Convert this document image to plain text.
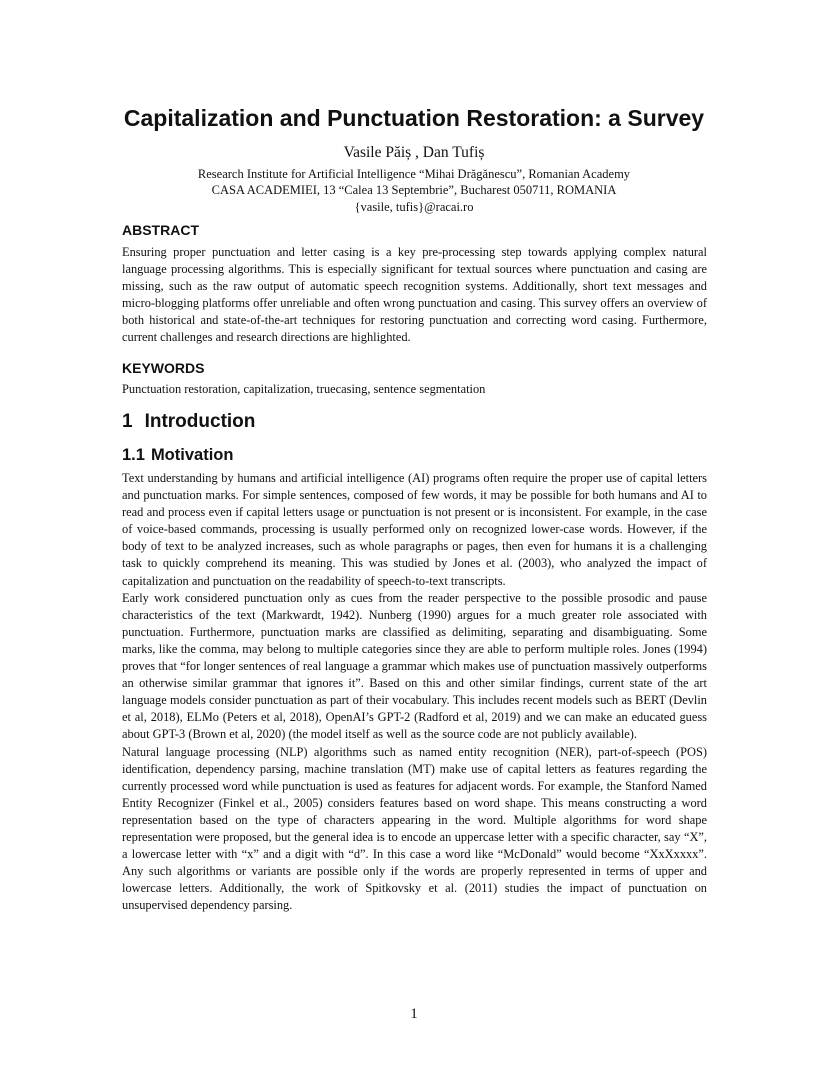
Capitalization and Punctuation Restoration: a Survey
Vasile Păiș , Dan Tufiș
Research Institute for Artificial Intelligence “Mihai Drăgănescu”, Romanian Academy
CASA ACADEMIEI, 13 “Calea 13 Septembrie”, Bucharest 050711, ROMANIA
{vasile, tufis}@racai.ro
ABSTRACT

Ensuring proper punctuation and letter casing is a key pre-processing step towards applying complex natural language processing algorithms. This is especially significant for textual sources where punctuation and casing are missing, such as the raw output of automatic speech recognition systems. Additionally, short text messages and micro-blogging platforms offer unreliable and often wrong punctuation and casing. This survey offers an overview of both historical and state-of-the-art techniques for restoring punctuation and correcting word casing. Furthermore, current challenges and research directions are highlighted.

KEYWORDS

Punctuation restoration, capitalization, truecasing, sentence segmentation

1 Introduction
1.1 Motivation

Text understanding by humans and artificial intelligence (AI) programs often require the proper use of capital letters and punctuation marks. For simple sentences, composed of few words, it may be possible for both humans and AI to read and process even if capital letters usage or punctuation is not present or is inconsistent. For example, in the case of voice-based commands, processing is usually performed only on recognized lower-case words. However, if the body of text to be analyzed increases, such as whole paragraphs or pages, then even for humans it is a challenging task to quickly comprehend its meaning. This was studied by Jones et al. (2003), who analyzed the impact of capitalization and punctuation on the readability of speech-to-text transcripts.

Early work considered punctuation only as cues from the reader perspective to the possible prosodic and pause characteristics of the text (Markwardt, 1942). Nunberg (1990) argues for a much greater role associated with punctuation. Furthermore, punctuation marks are classified as delimiting, separating and disambiguating. Some marks, like the comma, may belong to multiple categories since they are able to perform multiple roles. Jones (1994) proves that “for longer sentences of real language a grammar which makes use of punctuation massively outperforms an otherwise similar grammar that ignores it”. Based on this and other similar findings, current state of the art language models consider punctuation as part of their vocabulary. This includes recent models such as BERT (Devlin et al, 2018), ELMo (Peters et al, 2018), OpenAI’s GPT-2 (Radford et al, 2019) and we can make an educated guess about GPT-3 (Brown et al, 2020) (the model itself as well as the source code are not publicly available).

Natural language processing (NLP) algorithms such as named entity recognition (NER), part-of-speech (POS) identification, dependency parsing, machine translation (MT) make use of capital letters as features regarding the currently processed word while punctuation is used as features for adjacent words. For example, the Stanford Named Entity Recognizer (Finkel et al., 2005) considers features based on word shape. This means constructing a word representation based on the type of characters appearing in the word. Multiple algorithms for word shape representation were proposed, but the general idea is to encode an uppercase letter with a specific character, say “X”, a lowercase letter with “x” and a digit with “d”. In this case a word like “McDonald” would become “XxXxxxx”. Any such algorithms or variants are possible only if the words are properly represented in terms of upper and lowercase letters. Additionally, the work of Spitkovsky et al. (2011) studies the impact of punctuation on unsupervised dependency parsing.

1
